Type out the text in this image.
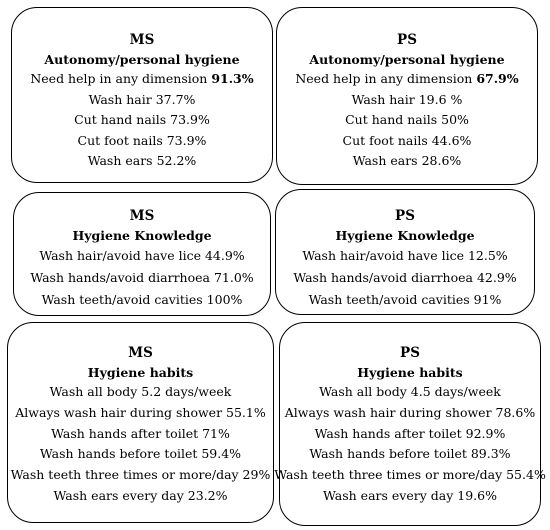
MS
Autonomy/personal hygiene
Need help in any dimension 91.3%
Wash hair 37.7%
Cut hand nails 73.9%
Cut foot nails 73.9%
Wash ears 52.2%
PS
Autonomy/personal hygiene
Need help in any dimension 67.9%
Wash hair 19.6 %
Cut hand nails 50%
Cut foot nails 44.6%
Wash ears 28.6%
MS
Hygiene Knowledge
Wash hair/avoid have lice 44.9%
Wash hands/avoid diarrhoea 71.0%
Wash teeth/avoid cavities 100%
PS
Hygiene Knowledge
Wash hair/avoid have lice 12.5%
Wash hands/avoid diarrhoea 42.9%
Wash teeth/avoid cavities 91%
MS
Hygiene habits
Wash all body 5.2 days/week
Always wash hair during shower 55.1%
Wash hands after toilet 71%
Wash hands before toilet 59.4%
Wash teeth three times or more/day 29%
Wash ears every day 23.2%
PS
Hygiene habits
Wash all body 4.5 days/week
Always wash hair during shower 78.6%
Wash hands after toilet 92.9%
Wash hands before toilet 89.3%
Wash teeth three times or more/day 55.4%
Wash ears every day 19.6%
